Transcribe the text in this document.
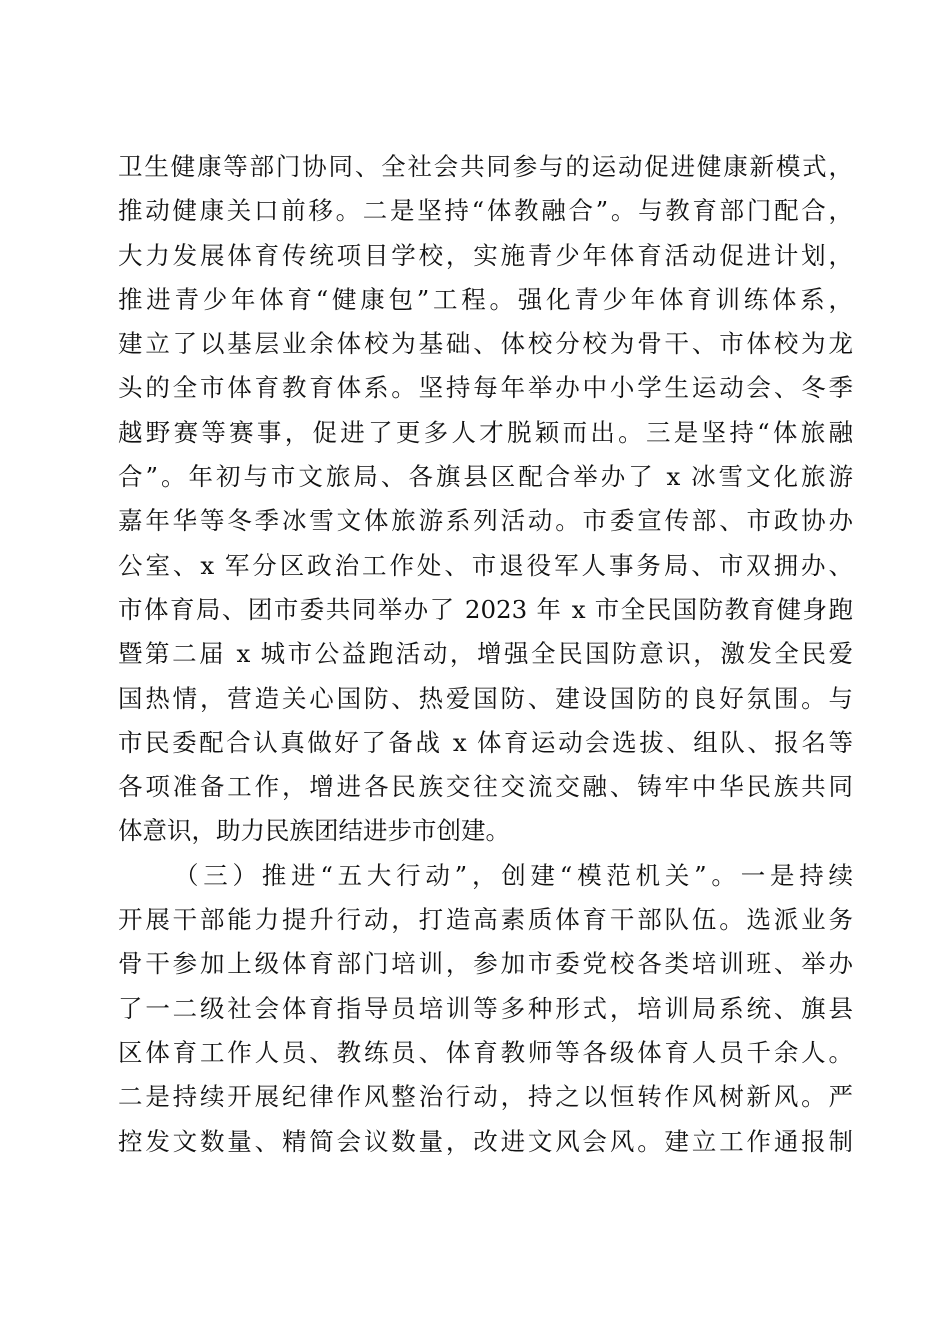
卫生健康等部门协同、全社会共同参与的运动促进健康新模式，
推动健康关口前移。二是坚持“体教融合”。与教育部门配合，
大力发展体育传统项目学校，实施青少年体育活动促进计划，
推进青少年体育“健康包”工程。强化青少年体育训练体系，
建立了以基层业余体校为基础、体校分校为骨干、市体校为龙
头的全市体育教育体系。坚持每年举办中小学生运动会、冬季
越野赛等赛事，促进了更多人才脱颖而出。三是坚持“体旅融
合”。年初与市文旅局、各旗县区配合举办了 x 冰雪文化旅游
嘉年华等冬季冰雪文体旅游系列活动。市委宣传部、市政协办
公室、x 军分区政治工作处、市退役军人事务局、市双拥办、
市体育局、团市委共同举办了 2023 年 x 市全民国防教育健身跑
暨第二届 x 城市公益跑活动，增强全民国防意识，激发全民爱
国热情，营造关心国防、热爱国防、建设国防的良好氛围。与
市民委配合认真做好了备战 x 体育运动会选拔、组队、报名等
各项准备工作，增进各民族交往交流交融、铸牢中华民族共同
体意识，助力民族团结进步市创建。
（三）推进“五大行动”，创建“模范机关”。一是持续
开展干部能力提升行动，打造高素质体育干部队伍。选派业务
骨干参加上级体育部门培训，参加市委党校各类培训班、举办
了一二级社会体育指导员培训等多种形式，培训局系统、旗县
区体育工作人员、教练员、体育教师等各级体育人员千余人。
二是持续开展纪律作风整治行动，持之以恒转作风树新风。严
控发文数量、精简会议数量，改进文风会风。建立工作通报制
